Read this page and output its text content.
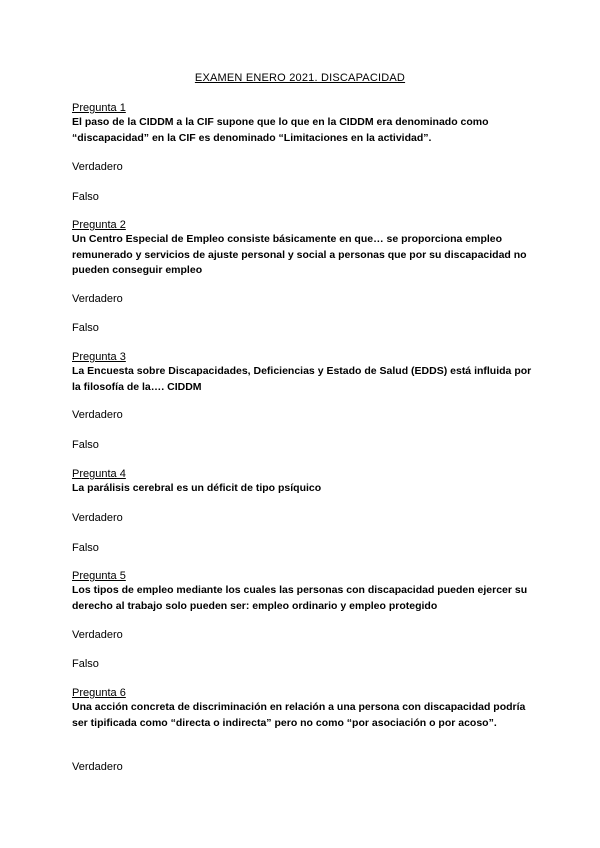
EXAMEN ENERO 2021. DISCAPACIDAD
Pregunta 1

El paso de la CIDDM a la CIF supone que lo que en la CIDDM era denominado como “discapacidad” en la CIF es denominado “Limitaciones en la actividad”.

Verdadero
Falso
Pregunta 2

Un Centro Especial de Empleo consiste básicamente en que… se proporciona empleo remunerado y servicios de ajuste personal y social a personas que por su discapacidad no pueden conseguir empleo

Verdadero
Falso
Pregunta 3

La Encuesta sobre Discapacidades, Deficiencias y Estado de Salud (EDDS) está influida por la filosofía de la…. CIDDM

Verdadero
Falso
Pregunta 4

La parálisis cerebral es un déficit de tipo psíquico

Verdadero
Falso
Pregunta 5

Los tipos de empleo mediante los cuales las personas con discapacidad pueden ejercer su derecho al trabajo solo pueden ser: empleo ordinario y empleo protegido

Verdadero
Falso
Pregunta 6

Una acción concreta de discriminación en relación a una persona con discapacidad podría ser tipificada como “directa o indirecta” pero no como “por asociación o por acoso”.

Verdadero
